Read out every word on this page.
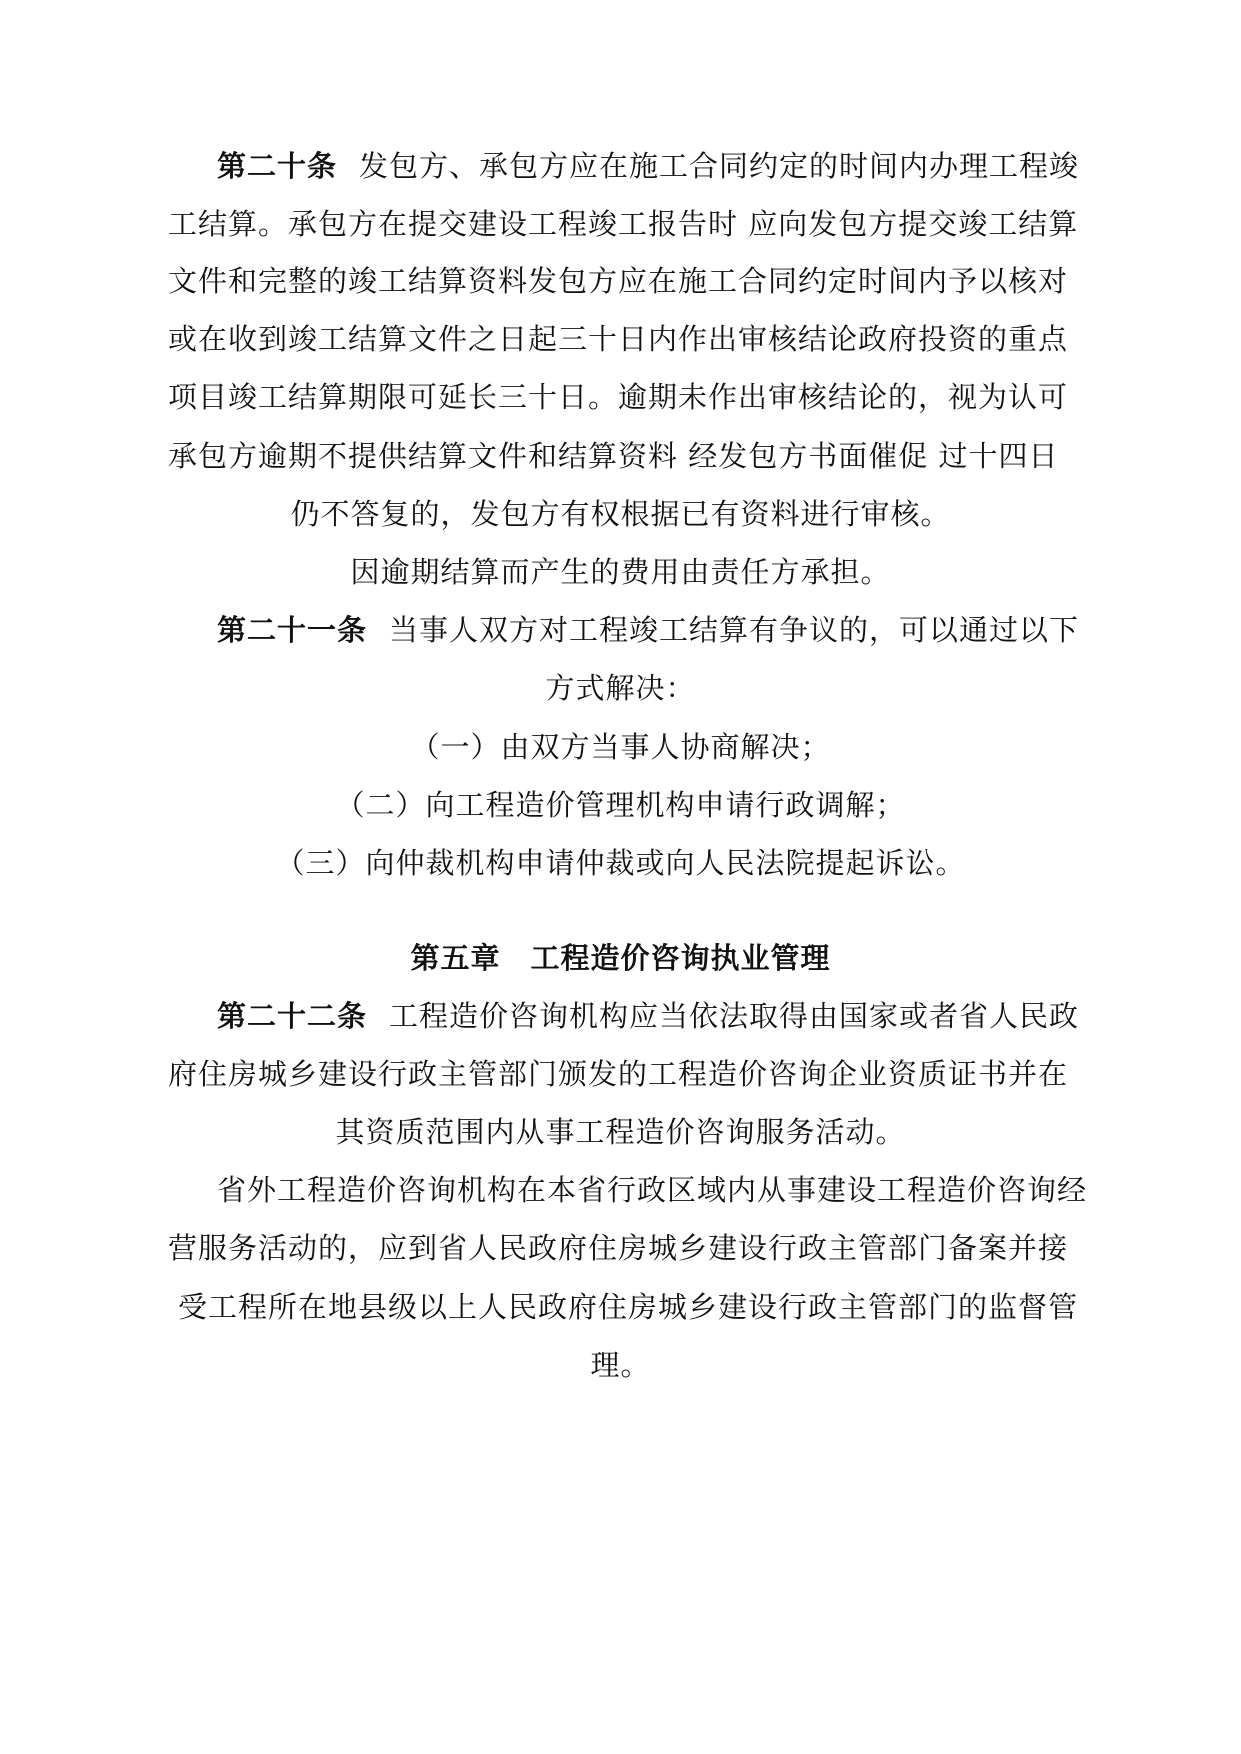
第二十条 发包方、承包方应在施工合同约定的时间内办理工程竣
工结算。承包方在提交建设工程竣工报告时 应向发包方提交竣工结算
文件和完整的竣工结算资料发包方应在施工合同约定时间内予以核对
或在收到竣工结算文件之日起三十日内作出审核结论政府投资的重点
项目竣工结算期限可延长三十日。逾期未作出审核结论的，视为认可
承包方逾期不提供结算文件和结算资料 经发包方书面催促 过十四日
仍不答复的，发包方有权根据已有资料进行审核。
因逾期结算而产生的费用由责任方承担。
第二十一条 当事人双方对工程竣工结算有争议的，可以通过以下
方式解决：
（一）由双方当事人协商解决；
（二）向工程造价管理机构申请行政调解；
（三）向仲裁机构申请仲裁或向人民法院提起诉讼。
第五章　工程造价咨询执业管理
第二十二条 工程造价咨询机构应当依法取得由国家或者省人民政
府住房城乡建设行政主管部门颁发的工程造价咨询企业资质证书并在
其资质范围内从事工程造价咨询服务活动。
省外工程造价咨询机构在本省行政区域内从事建设工程造价咨询经
营服务活动的，应到省人民政府住房城乡建设行政主管部门备案并接
受工程所在地县级以上人民政府住房城乡建设行政主管部门的监督管
理。
